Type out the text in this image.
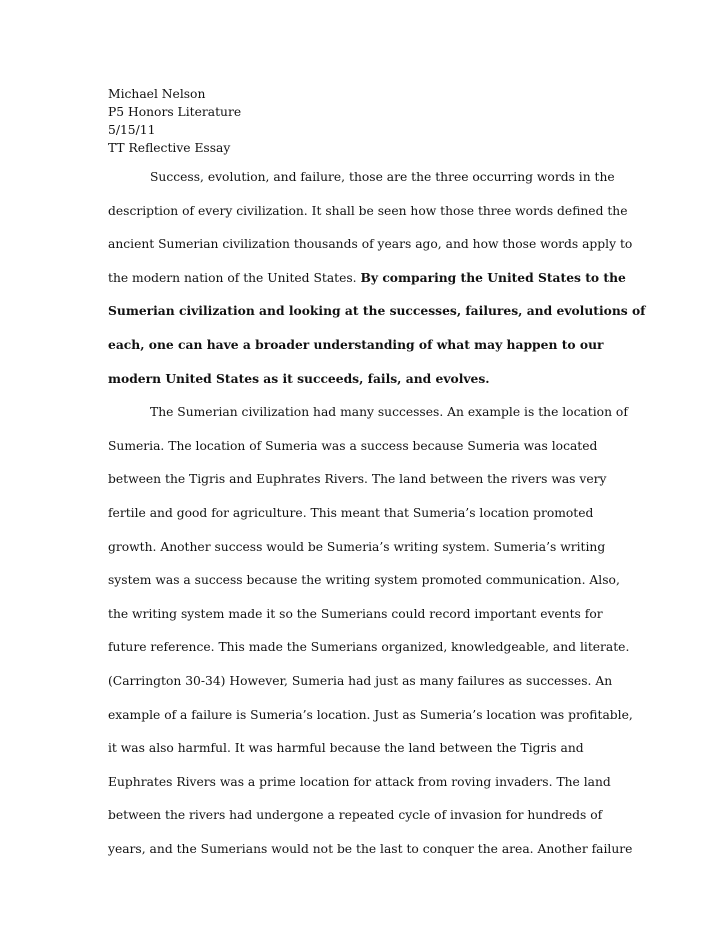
Michael Nelson
P5 Honors Literature
5/15/11
TT Reflective Essay
Success, evolution, and failure, those are the three occurring words in the
description of every civilization. It shall be seen how those three words defined the
ancient Sumerian civilization thousands of years ago, and how those words apply to
the modern nation of the United States. By comparing the United States to the
Sumerian civilization and looking at the successes, failures, and evolutions of
each, one can have a broader understanding of what may happen to our
modern United States as it succeeds, fails, and evolves.
The Sumerian civilization had many successes. An example is the location of
Sumeria. The location of Sumeria was a success because Sumeria was located
between the Tigris and Euphrates Rivers. The land between the rivers was very
fertile and good for agriculture. This meant that Sumeria’s location promoted
growth. Another success would be Sumeria’s writing system. Sumeria’s writing
system was a success because the writing system promoted communication. Also,
the writing system made it so the Sumerians could record important events for
future reference. This made the Sumerians organized, knowledgeable, and literate.
(Carrington 30-34) However, Sumeria had just as many failures as successes. An
example of a failure is Sumeria’s location. Just as Sumeria’s location was profitable,
it was also harmful. It was harmful because the land between the Tigris and
Euphrates Rivers was a prime location for attack from roving invaders. The land
between the rivers had undergone a repeated cycle of invasion for hundreds of
years, and the Sumerians would not be the last to conquer the area. Another failure
